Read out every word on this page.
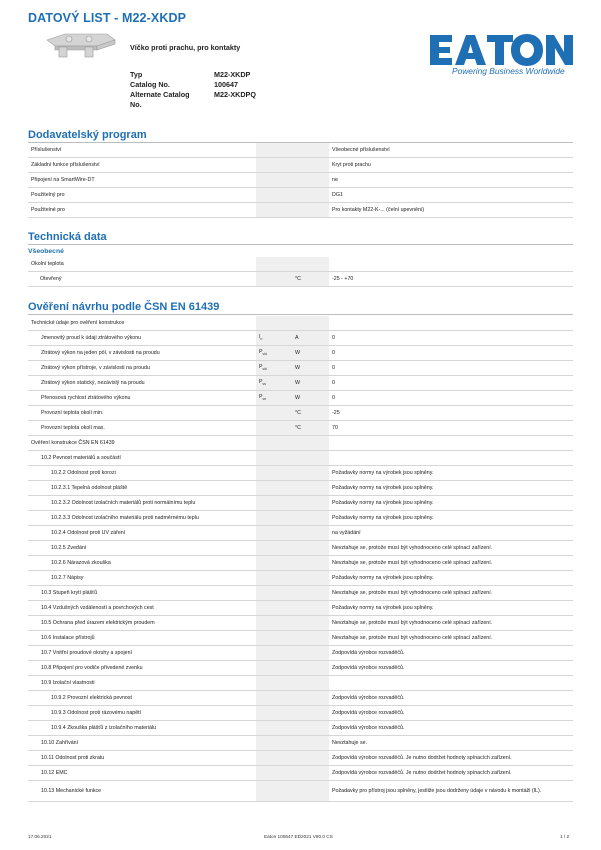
DATOVÝ LIST - M22-XKDP
Víčko proti prachu, pro kontakty
Typ	M22-XKDP
Catalog No.	100647
Alternate Catalog No.
M22-XKDPQ
Powering Business Worldwide
Dodavatelský program
Příslušenství		Všeobecné příslušenství
Základní funkce příslušenství		Kryt proti prachu
Připojení na SmartWire-DT		ne
Použitelný pro		DG1
Použitelné pro		Pro kontakty M22-K-... (čelní upevnění)
Technická data
Všeobecné
Okolní teplota				
Otevřený		°C	-25 - +70	
Ověření návrhu podle ČSN EN 61439
Technické údaje pro ověření konstrukce			
Jmenovitý proud k údaji ztrátového výkonu	$I_n$	A	0
Ztrátový výkon na jeden pól, v závislosti na proudu	$P_{vid}$	W	0
Ztrátový výkon přístroje, v závislosti na proudu	$P_{vid}$	W	0
Ztrátový výkon statický, nezávislý na proudu	$P_{vs}$	W	0
Přenosová rychlost ztrátového výkonu	$P_{ve}$	W	0
Provozní teplota okolí min.		°C	-25
Provozní teplota okolí max.		°C	70
Ověření konstrukce ČSN EN 61439			
10.2 Pevnost materiálů a součástí			
10.2.2 Odolnost proti korozi			Požadavky normy na výrobek jsou splněny.
10.2.3.1 Tepelná odolnost pláště			Požadavky normy na výrobek jsou splněny.
10.2.3.2 Odolnost izolačních materiálů proti normálnímu teplu			Požadavky normy na výrobek jsou splněny.
10.2.3.3 Odolnost izolačního materiálu proti nadměrnému teplu			Požadavky normy na výrobek jsou splněny.
10.2.4 Odolnost proti UV záření			na vyžádání
10.2.5 Zvedání			Nevztahuje se, protože musí být vyhodnoceno celé spínací zařízení.
10.2.6 Nárazová zkouška			Nevztahuje se, protože musí být vyhodnoceno celé spínací zařízení.
10.2.7 Nápisy			Požadavky normy na výrobek jsou splněny.
10.3 Stupeň krytí plášťů			Nevztahuje se, protože musí být vyhodnoceno celé spínací zařízení.
10.4 Vzdušných vzdáleností a povrchových cest			Požadavky normy na výrobek jsou splněny.
10.5 Ochrana před úrazem elektrickým proudem			Nevztahuje se, protože musí být vyhodnoceno celé spínací zařízení.
10.6 Instalace přístrojů			Nevztahuje se, protože musí být vyhodnoceno celé spínací zařízení.
10.7 Vnitřní proudové okruhy a spojení			Zodpovídá výrobce rozvaděčů.
10.8 Připojení pro vodiče přivedené zvenku			Zodpovídá výrobce rozvaděčů.
10.9 Izolační vlastnosti			
10.9.2 Provozní elektrická pevnost			Zodpovídá výrobce rozvaděčů.
10.9.3 Odolnost proti rázovému napětí			Zodpovídá výrobce rozvaděčů.
10.9.4 Zkouška plášťů z izolačního materiálu			Zodpovídá výrobce rozvaděčů.
10.10 Zahřívání			Nevztahuje se.
10.11 Odolnost proti zkratu			Zodpovídá výrobce rozvaděčů. Je nutno dodržet hodnoty spínacích zařízení.
10.12 EMC			Zodpovídá výrobce rozvaděčů. Je nutno dodržet hodnoty spínacích zařízení.
10.13 Mechanické funkce			Požadavky pro přístroj jsou splněny, jestliže jsou dodrženy údaje v návodu k montáži (IL).
17.06.2021	Eaton 100647 ED2021 V80.0 CS	1 / 2
